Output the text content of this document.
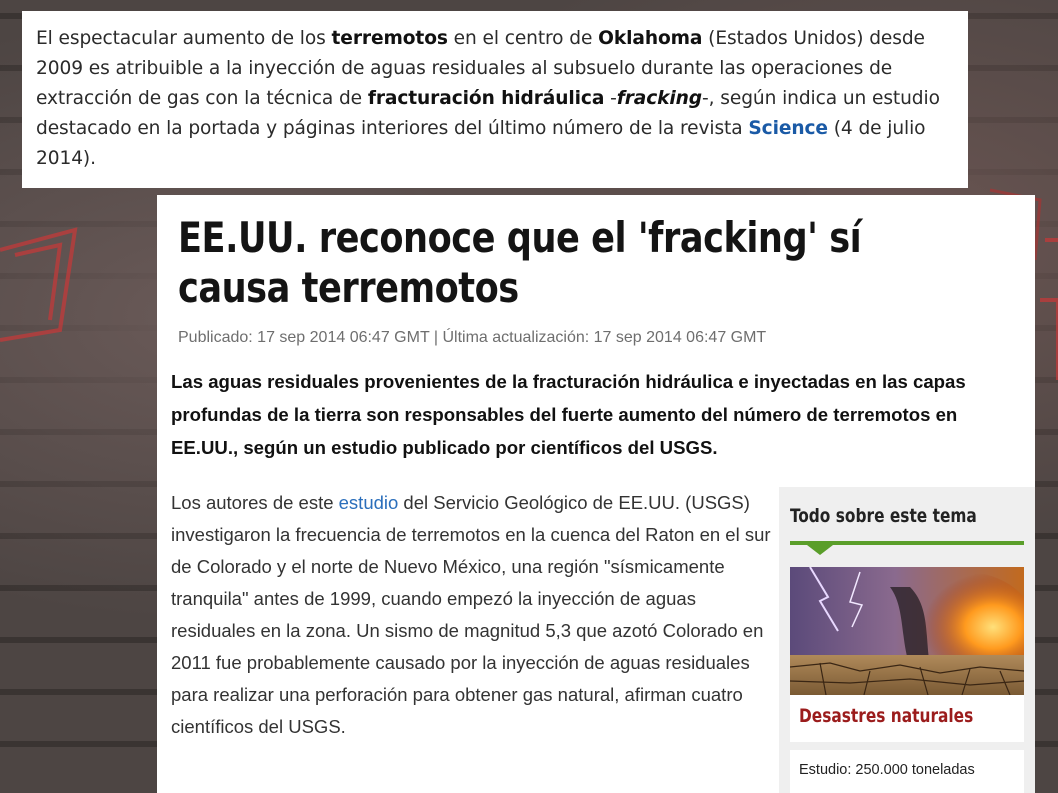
El espectacular aumento de los terremotos en el centro de Oklahoma (Estados Unidos) desde 2009 es atribuible a la inyección de aguas residuales al subsuelo durante las operaciones de extracción de gas con la técnica de fracturación hidráulica -fracking-, según indica un estudio destacado en la portada y páginas interiores del último número de la revista Science (4 de julio 2014).
EE.UU. reconoce que el 'fracking' sí causa terremotos
Publicado: 17 sep 2014 06:47 GMT | Última actualización: 17 sep 2014 06:47 GMT
Las aguas residuales provenientes de la fracturación hidráulica e inyectadas en las capas profundas de la tierra son responsables del fuerte aumento del número de terremotos en EE.UU., según un estudio publicado por científicos del USGS.
Los autores de este estudio del Servicio Geológico de EE.UU. (USGS) investigaron la frecuencia de terremotos en la cuenca del Raton en el sur de Colorado y el norte de Nuevo México, una región "sísmicamente tranquila" antes de 1999, cuando empezó la inyección de aguas residuales en la zona. Un sismo de magnitud 5,3 que azotó Colorado en 2011 fue probablemente causado por la inyección de aguas residuales para realizar una perforación para obtener gas natural, afirman cuatro científicos del USGS.
Todo sobre este tema
Desastres naturales
Estudio: 250.000 toneladas
